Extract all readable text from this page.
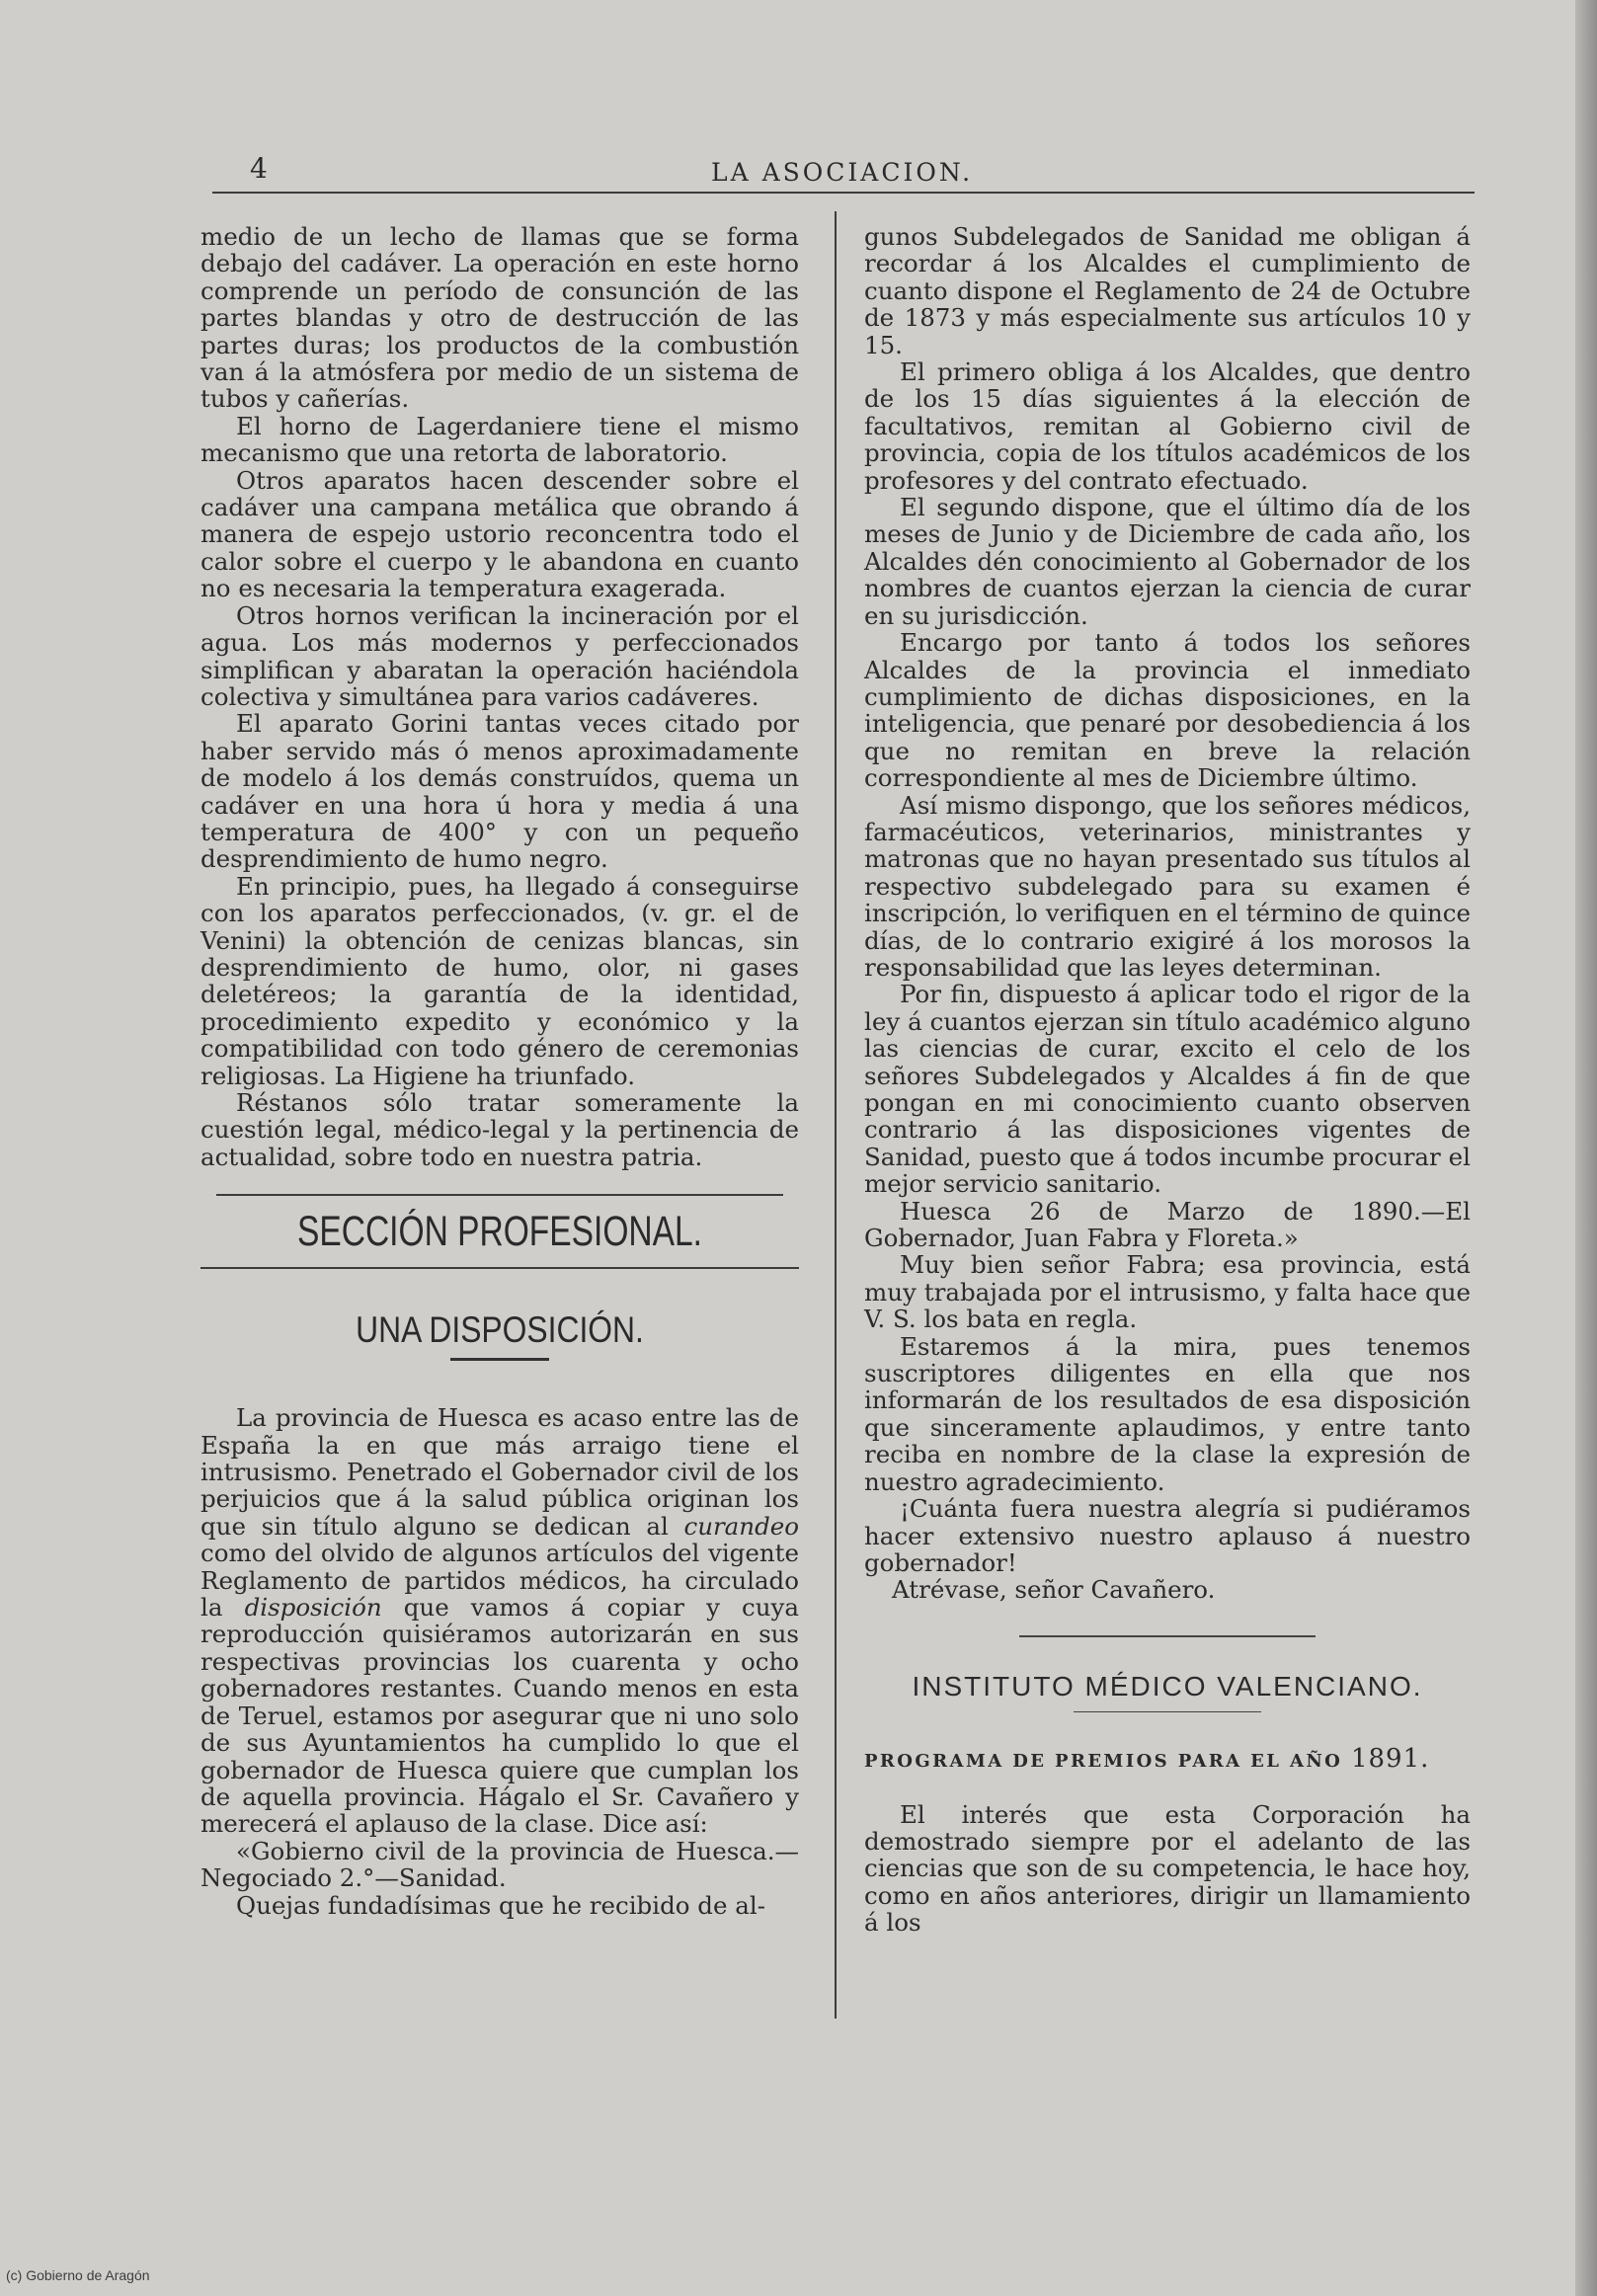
4	LA ASOCIACION.

medio de un lecho de llamas que se forma debajo del cadáver. La operación en este horno comprende un período de consunción de las partes blandas y otro de destrucción de las partes duras; los productos de la combustión van á la atmósfera por medio de un sistema de tubos y cañerías.

El horno de Lagerdaniere tiene el mismo mecanismo que una retorta de laboratorio.

Otros aparatos hacen descender sobre el cadáver una campana metálica que obrando á manera de espejo ustorio reconcentra todo el calor sobre el cuerpo y le abandona en cuanto no es necesaria la temperatura exagerada.

Otros hornos verifican la incineración por el agua. Los más modernos y perfeccionados simplifican y abaratan la operación haciéndola colectiva y simultánea para varios cadáveres.

El aparato Gorini tantas veces citado por haber servido más ó menos aproximadamente de modelo á los demás construídos, quema un cadáver en una hora ú hora y media á una temperatura de 400° y con un pequeño desprendimiento de humo negro.

En principio, pues, ha llegado á conseguirse con los aparatos perfeccionados, (v. gr. el de Venini) la obtención de cenizas blancas, sin desprendimiento de humo, olor, ni gases deletéreos; la garantía de la identidad, procedimiento expedito y económico y la compatibilidad con todo género de ceremonias religiosas. La Higiene ha triunfado.

Réstanos sólo tratar someramente la cuestión legal, médico-legal y la pertinencia de actualidad, sobre todo en nuestra patria.

SECCIÓN PROFESIONAL.
UNA DISPOSICIÓN.

La provincia de Huesca es acaso entre las de España la en que más arraigo tiene el intrusismo. Penetrado el Gobernador civil de los perjuicios que á la salud pública originan los que sin título alguno se dedican al curandeo como del olvido de algunos artículos del vigente Reglamento de partidos médicos, ha circulado la disposición que vamos á copiar y cuya reproducción quisiéramos autorizarán en sus respectivas provincias los cuarenta y ocho gobernadores restantes. Cuando menos en esta de Teruel, estamos por asegurar que ni uno solo de sus Ayuntamientos ha cumplido lo que el gobernador de Huesca quiere que cumplan los de aquella provincia. Hágalo el Sr. Cavañero y merecerá el aplauso de la clase. Dice así:

«Gobierno civil de la provincia de Huesca.—Negociado 2.°—Sanidad.

Quejas fundadísimas que he recibido de al-

gunos Subdelegados de Sanidad me obligan á recordar á los Alcaldes el cumplimiento de cuanto dispone el Reglamento de 24 de Octubre de 1873 y más especialmente sus artículos 10 y 15.

El primero obliga á los Alcaldes, que dentro de los 15 días siguientes á la elección de facultativos, remitan al Gobierno civil de provincia, copia de los títulos académicos de los profesores y del contrato efectuado.

El segundo dispone, que el último día de los meses de Junio y de Diciembre de cada año, los Alcaldes dén conocimiento al Gobernador de los nombres de cuantos ejerzan la ciencia de curar en su jurisdicción.

Encargo por tanto á todos los señores Alcaldes de la provincia el inmediato cumplimiento de dichas disposiciones, en la inteligencia, que penaré por desobediencia á los que no remitan en breve la relación correspondiente al mes de Diciembre último.

Así mismo dispongo, que los señores médicos, farmacéuticos, veterinarios, ministrantes y matronas que no hayan presentado sus títulos al respectivo subdelegado para su examen é inscripción, lo verifiquen en el término de quince días, de lo contrario exigiré á los morosos la responsabilidad que las leyes determinan.

Por fin, dispuesto á aplicar todo el rigor de la ley á cuantos ejerzan sin título académico alguno las ciencias de curar, excito el celo de los señores Subdelegados y Alcaldes á fin de que pongan en mi conocimiento cuanto observen contrario á las disposiciones vigentes de Sanidad, puesto que á todos incumbe procurar el mejor servicio sanitario.

Huesca 26 de Marzo de 1890.—El Gobernador, Juan Fabra y Floreta.»

Muy bien señor Fabra; esa provincia, está muy trabajada por el intrusismo, y falta hace que V. S. los bata en regla.

Estaremos á la mira, pues tenemos suscriptores diligentes en ella que nos informarán de los resultados de esa disposición que sinceramente aplaudimos, y entre tanto reciba en nombre de la clase la expresión de nuestro agradecimiento.

¡Cuánta fuera nuestra alegría si pudiéramos hacer extensivo nuestro aplauso á nuestro gobernador!

Atrévase, señor Cavañero.

INSTITUTO MÉDICO VALENCIANO.
PROGRAMA DE PREMIOS PARA EL AÑO 1891.

El interés que esta Corporación ha demostrado siempre por el adelanto de las ciencias que son de su competencia, le hace hoy, como en años anteriores, dirigir un llamamiento á los

(c) Gobierno de Aragón
